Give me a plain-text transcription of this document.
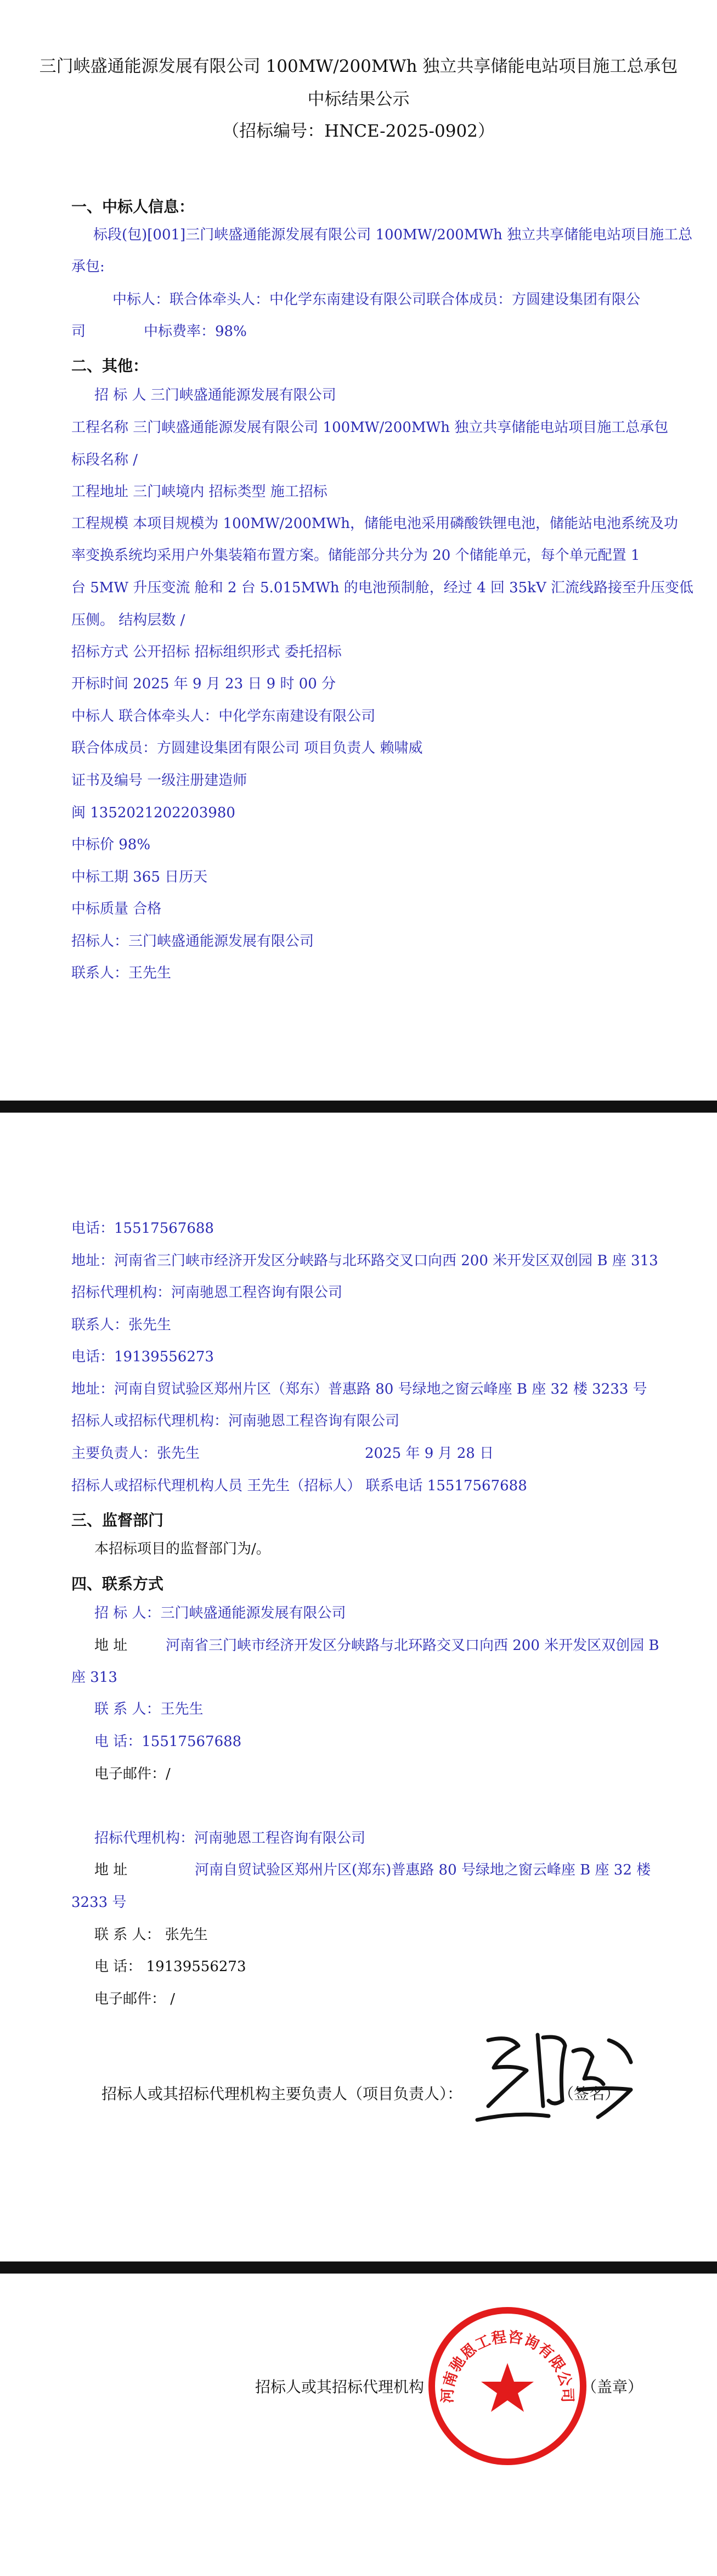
三门峡盛通能源发展有限公司 100MW/200MWh 独立共享储能电站项目施工总承包
中标结果公示
（招标编号：HNCE-2025-0902）
一、中标人信息：
标段(包)[001]三门峡盛通能源发展有限公司 100MW/200MWh 独立共享储能电站项目施工总
承包:
中标人：联合体牵头人：中化学东南建设有限公司联合体成员：方圆建设集团有限公
司	中标费率：98%
二、其他：
招 标 人 三门峡盛通能源发展有限公司
工程名称 三门峡盛通能源发展有限公司 100MW/200MWh 独立共享储能电站项目施工总承包
标段名称 /
工程地址 三门峡境内 招标类型 施工招标
工程规模 本项目规模为 100MW/200MWh，储能电池采用磷酸铁锂电池，储能站电池系统及功
率变换系统均采用户外集装箱布置方案。储能部分共分为 20 个储能单元，每个单元配置 1
台 5MW 升压变流 舱和 2 台 5.015MWh 的电池预制舱，经过 4 回 35kV 汇流线路接至升压变低
压侧。 结构层数 /
招标方式 公开招标 招标组织形式 委托招标
开标时间 2025 年 9 月 23 日 9 时 00 分
中标人 联合体牵头人：中化学东南建设有限公司
联合体成员：方圆建设集团有限公司 项目负责人 赖啸威
证书及编号 一级注册建造师
闽 1352021202203980
中标价 98%
中标工期 365 日历天
中标质量 合格
招标人：三门峡盛通能源发展有限公司
联系人：王先生
电话：15517567688
地址：河南省三门峡市经济开发区分峡路与北环路交叉口向西 200 米开发区双创园 B 座 313
招标代理机构：河南驰恩工程咨询有限公司
联系人：张先生
电话：19139556273
地址：河南自贸试验区郑州片区（郑东）普惠路 80 号绿地之窗云峰座 B 座 32 楼 3233 号
招标人或招标代理机构：河南驰恩工程咨询有限公司
主要负责人：张先生	2025 年 9 月 28 日
招标人或招标代理机构人员 王先生（招标人） 联系电话 15517567688
三、监督部门
本招标项目的监督部门为/。
四、联系方式
招 标 人：三门峡盛通能源发展有限公司
地 址	河南省三门峡市经济开发区分峡路与北环路交叉口向西 200 米开发区双创园 B
座 313
联 系 人：王先生
电 话：15517567688
电子邮件：/
招标代理机构：河南驰恩工程咨询有限公司
地 址	河南自贸试验区郑州片区(郑东)普惠路 80 号绿地之窗云峰座 B 座 32 楼
3233 号
联 系 人： 张先生
电 话： 19139556273
电子邮件： /
招标人或其招标代理机构主要负责人（项目负责人）：	（签名）
招标人或其招标代理机构	（盖章）
河南驰恩工程咨询有限公司
